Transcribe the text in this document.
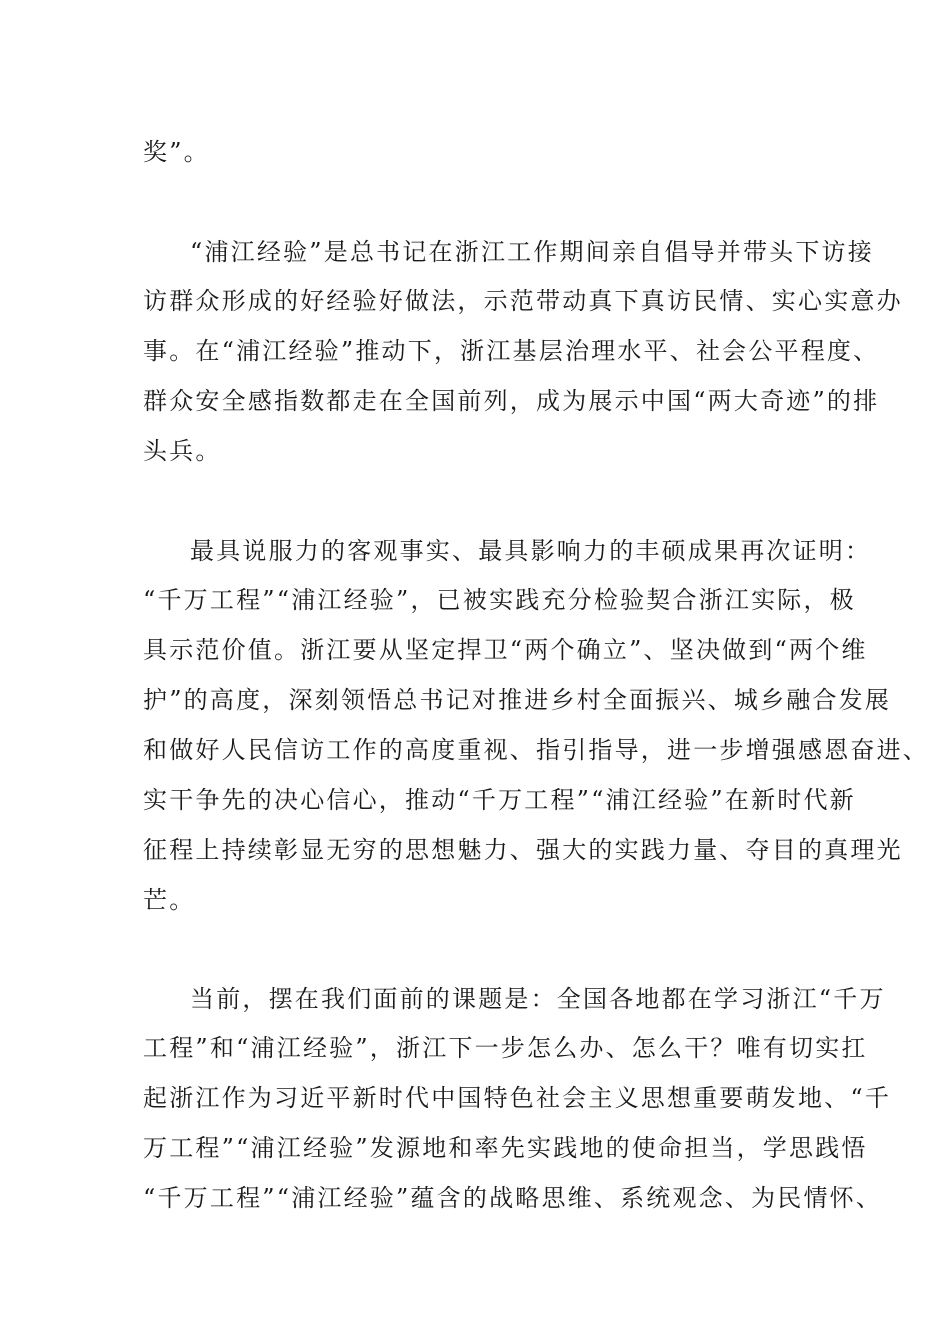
奖”。
“浦江经验”是总书记在浙江工作期间亲自倡导并带头下访接
访群众形成的好经验好做法，示范带动真下真访民情、实心实意办
事。在“浦江经验”推动下，浙江基层治理水平、社会公平程度、
群众安全感指数都走在全国前列，成为展示中国“两大奇迹”的排
头兵。
最具说服力的客观事实、最具影响力的丰硕成果再次证明：
“千万工程”“浦江经验”，已被实践充分检验契合浙江实际，极
具示范价值。浙江要从坚定捍卫“两个确立”、坚决做到“两个维
护”的高度，深刻领悟总书记对推进乡村全面振兴、城乡融合发展
和做好人民信访工作的高度重视、指引指导，进一步增强感恩奋进、
实干争先的决心信心，推动“千万工程”“浦江经验”在新时代新
征程上持续彰显无穷的思想魅力、强大的实践力量、夺目的真理光
芒。
当前，摆在我们面前的课题是：全国各地都在学习浙江“千万
工程”和“浦江经验”，浙江下一步怎么办、怎么干？唯有切实扛
起浙江作为习近平新时代中国特色社会主义思想重要萌发地、“千
万工程”“浦江经验”发源地和率先实践地的使命担当，学思践悟
“千万工程”“浦江经验”蕴含的战略思维、系统观念、为民情怀、
